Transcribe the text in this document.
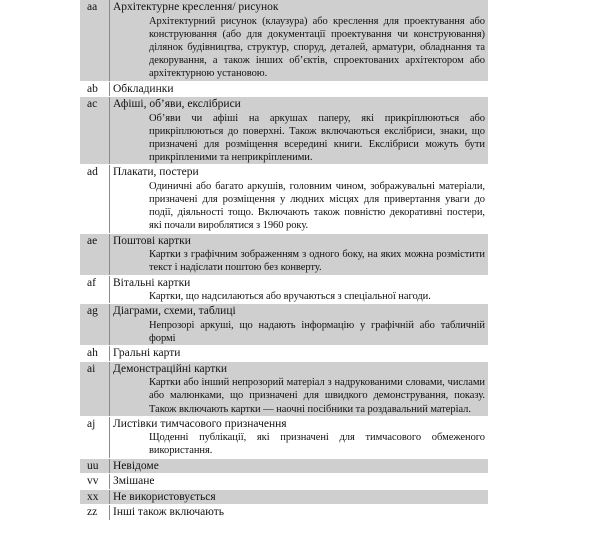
aa	Архітектурне креслення/ рисунок
Архітектурний рисунок (клаузура) або креслення для проектування або конструювання (або для документації проектування чи конструювання) ділянок будівництва, структур, споруд, деталей, арматури, обладнання та декорування, а також інших об’єктів, спроектованих архітектором або архітектурною установою.
ab	Обкладинки
ac	Афіші, об’яви, екслібриси
Об’яви чи афіші на аркушах паперу, які прикрiплюються або прикріплюються до поверхні. Також включаються екслібриси, знаки, що призначені для розміщення всередині книги. Екслібриси можуть бути прикріпленими та неприкріпленими.
ad	Плакати, постери
Одиничні або багато аркушів, головним чином, зображувальні матеріали, призначені для розміщення у людних місцях для привертання уваги до події, діяльності тощо. Включають також повністю декоративні постери, які почали вироблятися з 1960 року.
ae	Поштові картки
Картки з графічним зображенням з одного боку, на яких можна розмістити текст і надіслати поштою без конверту.
af	Вітальні картки
Картки, що надсилаються або вручаються з спеціальної нагоди.
ag	Діаграми, схеми, таблиці
Непрозорі аркуші, що надають інформацію у графічній або табличній формі
ah	Гральні карти
ai	Демонстраційні картки
Картки або інший непрозорий матеріал з надрукованими словами, числами або малюнками, що призначені для швидкого демонстрування, показу. Також включають картки — наочні посібники та роздавальний матеріал.
aj	Листівки тимчасового призначення
Щоденні публікації, які призначені для тимчасового обмеженого використання.
uu	Невідоме
vv	Змішане
xx	Не використовується
zz	Інші також включають
